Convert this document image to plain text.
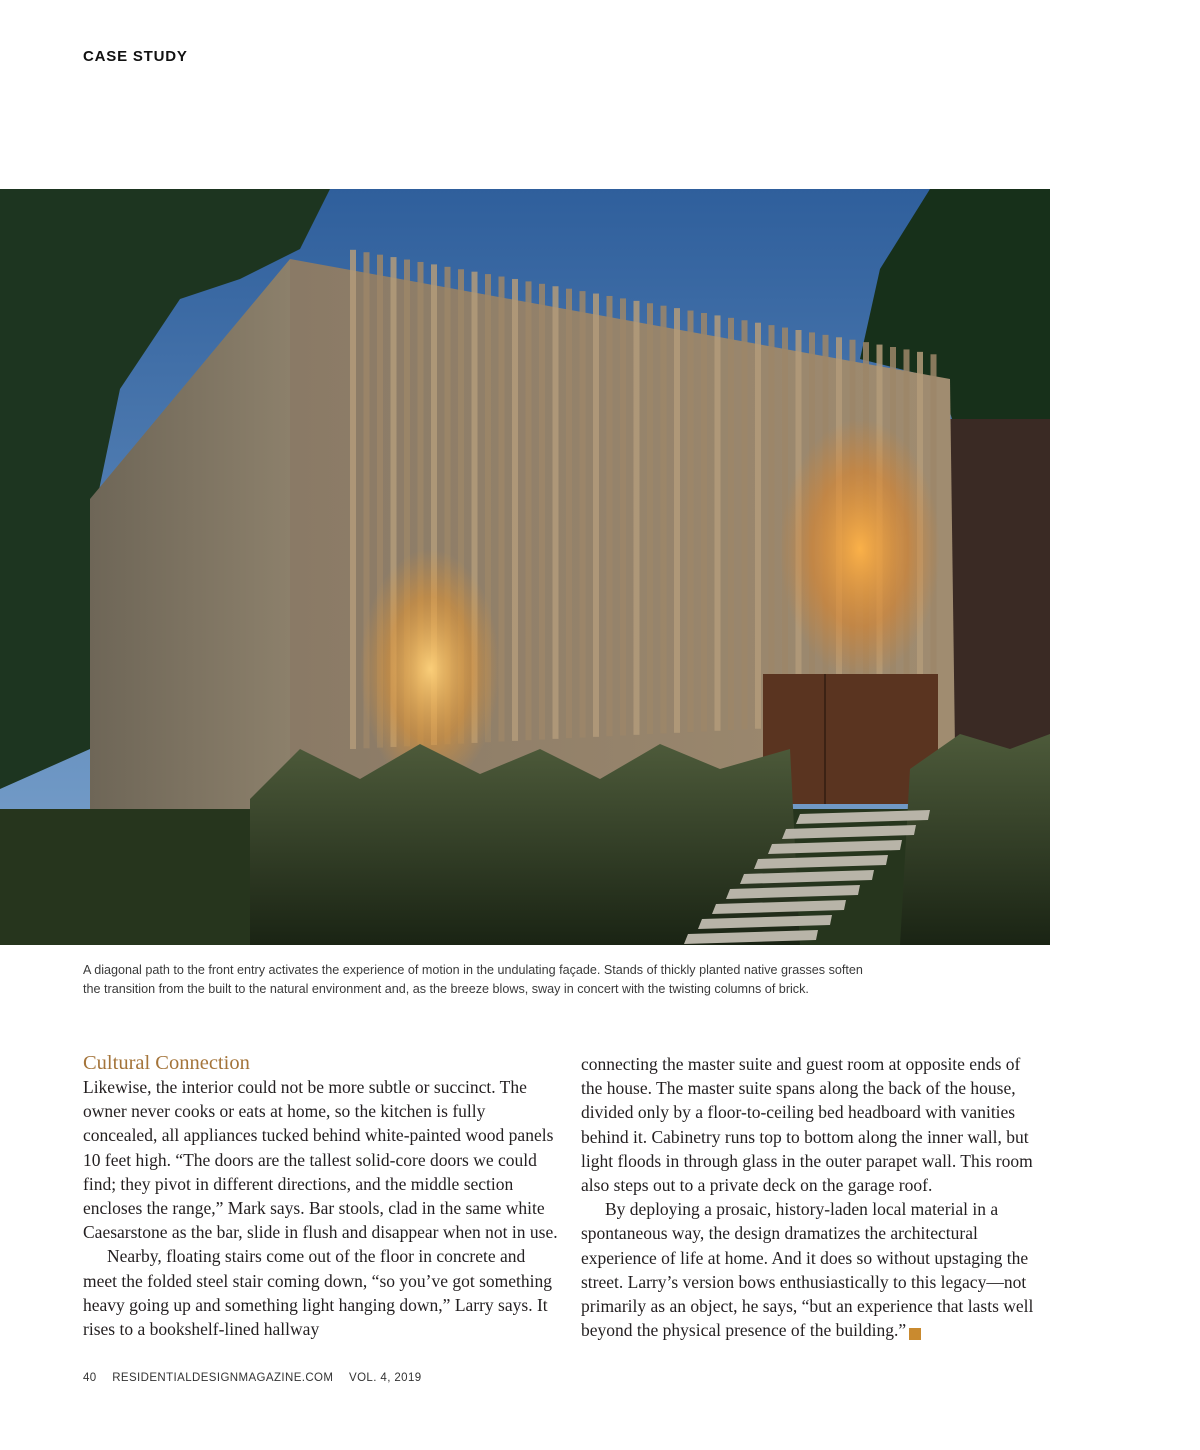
CASE STUDY

A diagonal path to the front entry activates the experience of motion in the undulating façade. Stands of thickly planted native grasses soften the transition from the built to the natural environment and, as the breeze blows, sway in concert with the twisting columns of brick.

Cultural Connection

Likewise, the interior could not be more subtle or succinct. The owner never cooks or eats at home, so the kitchen is fully concealed, all appliances tucked behind white-painted wood panels 10 feet high. “The doors are the tallest solid-core doors we could find; they pivot in different directions, and the middle section encloses the range,” Mark says. Bar stools, clad in the same white Caesarstone as the bar, slide in flush and disappear when not in use.

Nearby, floating stairs come out of the floor in concrete and meet the folded steel stair coming down, “so you’ve got something heavy going up and something light hanging down,” Larry says. It rises to a bookshelf-lined hallway

connecting the master suite and guest room at opposite ends of the house. The master suite spans along the back of the house, divided only by a floor-to-ceiling bed headboard with vanities behind it. Cabinetry runs top to bottom along the inner wall, but light floods in through glass in the outer parapet wall. This room also steps out to a private deck on the garage roof.

By deploying a prosaic, history-laden local material in a spontaneous way, the design dramatizes the architectural experience of life at home. And it does so without upstaging the street. Larry’s version bows enthusiastically to this legacy—not primarily as an object, he says, “but an experience that lasts well beyond the physical presence of the building.”	RD

40 RESIDENTIALDESIGNMAGAZINE.COM VOL. 4, 2019
